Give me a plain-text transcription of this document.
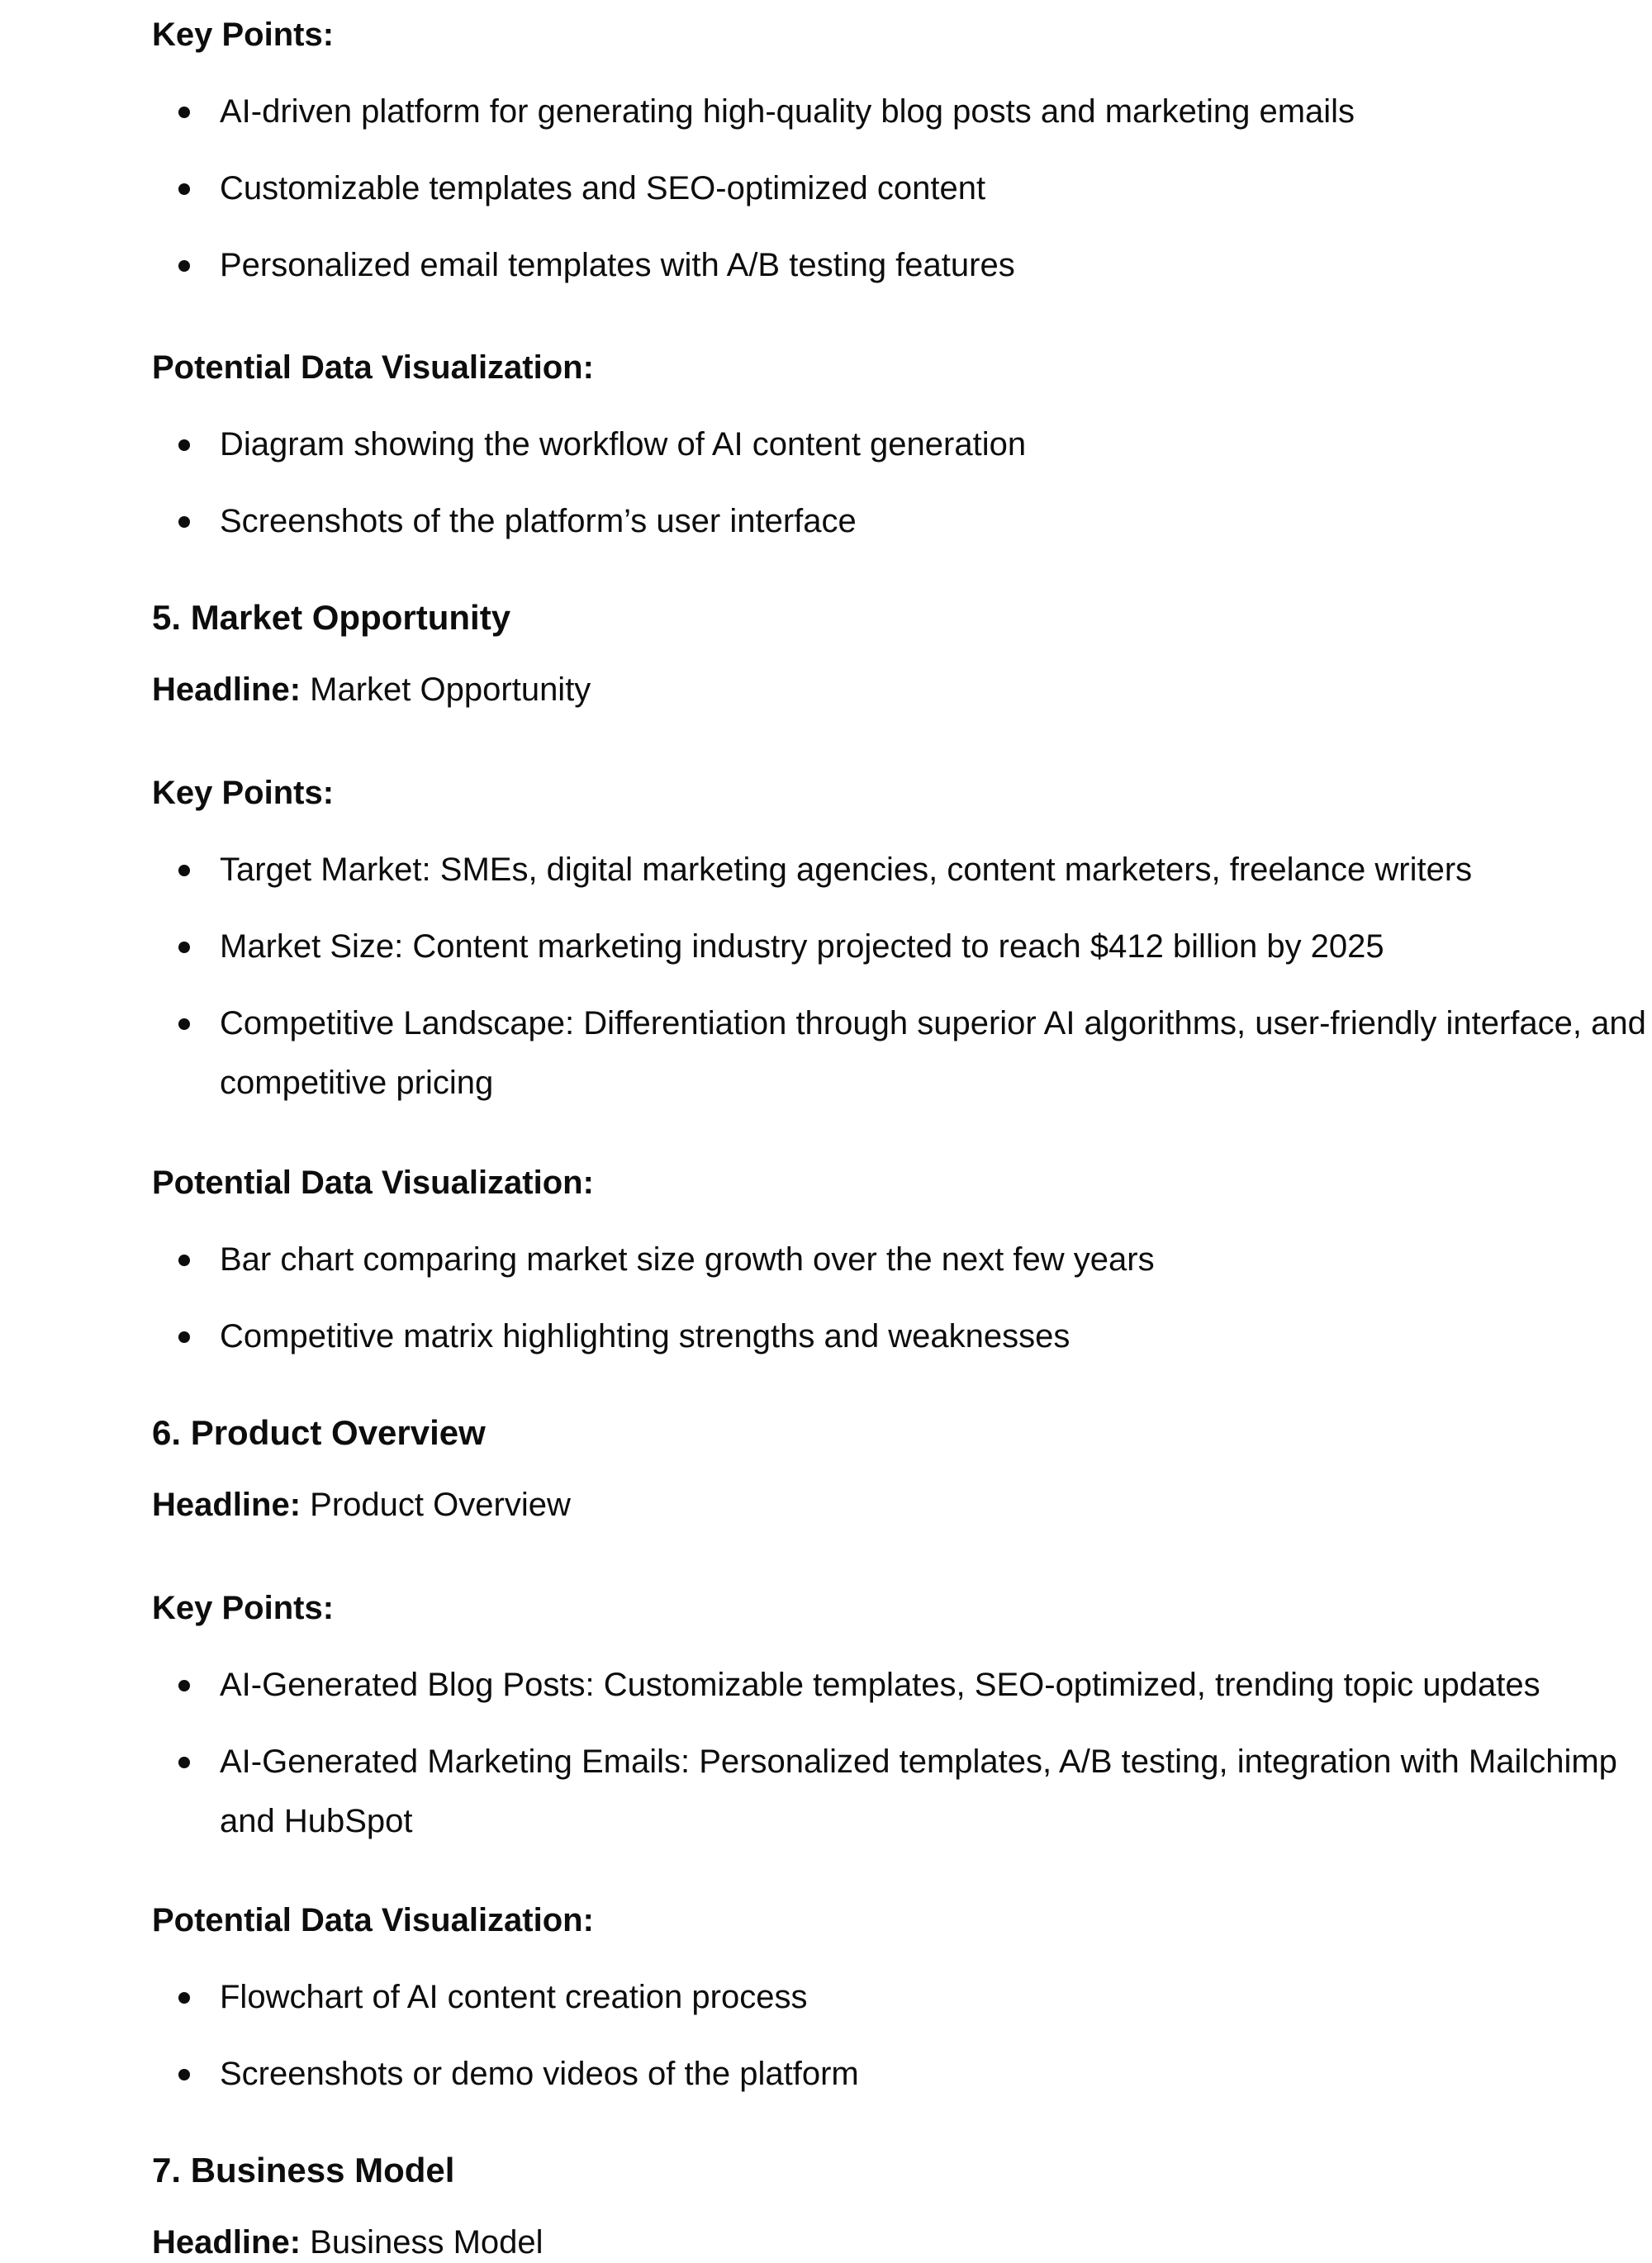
Key Points:
AI-driven platform for generating high-quality blog posts and marketing emails
Customizable templates and SEO-optimized content
Personalized email templates with A/B testing features
Potential Data Visualization:
Diagram showing the workflow of AI content generation
Screenshots of the platform’s user interface
5. Market Opportunity
Headline: Market Opportunity
Key Points:
Target Market: SMEs, digital marketing agencies, content marketers, freelance writers
Market Size: Content marketing industry projected to reach $412 billion by 2025
Competitive Landscape: Differentiation through superior AI algorithms, user-friendly interface, and competitive pricing
Potential Data Visualization:
Bar chart comparing market size growth over the next few years
Competitive matrix highlighting strengths and weaknesses
6. Product Overview
Headline: Product Overview
Key Points:
AI-Generated Blog Posts: Customizable templates, SEO-optimized, trending topic updates
AI-Generated Marketing Emails: Personalized templates, A/B testing, integration with Mailchimp and HubSpot
Potential Data Visualization:
Flowchart of AI content creation process
Screenshots or demo videos of the platform
7. Business Model
Headline: Business Model
